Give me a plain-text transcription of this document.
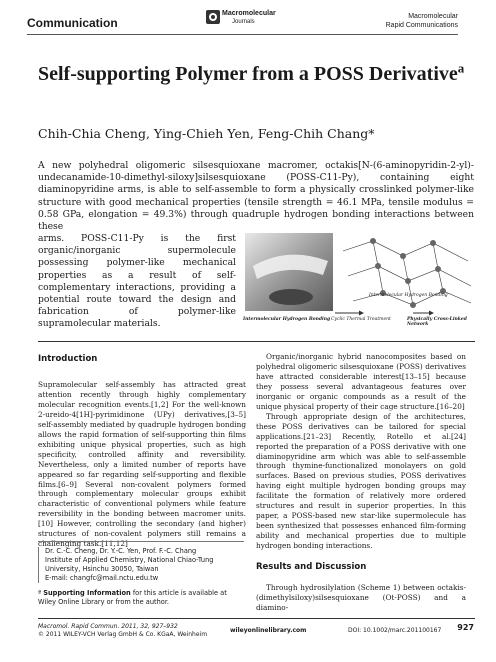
Communication
Macromolecular
Journals
Macromolecular
Rapid Communications
Self-supporting Polymer from a POSS Derivative$^a$
Chih-Chia Cheng, Ying-Chieh Yen, Feng-Chih Chang*
A new polyhedral oligomeric silsesquioxane macromer, octakis[N-(6-aminopyridin-2-yl)-undecanamide-10-dimethyl-siloxy]silsesquioxane (POSS-C11-Py), containing eight diaminopyridine arms, is able to self-assemble to form a physically crosslinked polymer-like structure with good mechanical properties (tensile strength = 46.1 MPa, tensile modulus = 0.58 GPa, elongation = 49.3%) through quadruple hydrogen bonding interactions between these
arms. POSS-C11-Py is the first organic/inorganic supermolecule possessing polymer-like mechanical properties as a result of self-complementary interactions, providing a potential route toward the design and fabrication of polymer-like supramolecular materials.
Intermolecular Hydrogen Bonding
Intermolecular Hydrogen Bonding Cyclic Thermal Treatment	Physically Cross-Linked Network
Introduction
Supramolecular self-assembly has attracted great attention recently through highly complementary molecular recognition events.[1,2] For the well-known 2-ureido-4[1H]-pyrimidinone (UPy) derivatives,[3–5] self-assembly mediated by quadruple hydrogen bonding allows the rapid formation of self-supporting thin films exhibiting unique physical properties, such as high specificity, controlled affinity and reversibility. Nevertheless, only a limited number of reports have appeared so far regarding self-supporting and flexible films.[6–9] Several non-covalent polymers formed through complementary molecular groups exhibit characteristic of conventional polymers while feature reversibility in the bonding between macromer units.[10] However, controlling the secondary (and higher) structures of non-covalent polymers still remains a challenging task.[11,12]
Dr. C.-C. Cheng, Dr. Y.-C. Yen, Prof. F.-C. Chang
Institute of Applied Chemistry, National Chiao-Tung University, Hsinchu 30050, Taiwan
E-mail: changfc@mail.nctu.edu.tw
ª Supporting Information for this article is available at Wiley Online Library or from the author.

Organic/inorganic hybrid nanocomposites based on polyhedral oligomeric silsesquioxane (POSS) derivatives have attracted considerable interest[13–15] because they possess several advantageous features over inorganic or organic compounds as a result of the unique physical property of their cage structure.[16–20]

Through appropriate design of the architectures, these POSS derivatives can be tailored for special applications.[21–23] Recently, Rotello et al.[24] reported the preparation of a POSS derivative with one diaminopyridine arm which was able to self-assemble through thymine-functionalized monolayers on gold surfaces. Based on previous studies, POSS derivatives having eight multiple hydrogen bonding groups may facilitate the formation of relatively more ordered structures and result in superior properties. In this paper, a POSS-based new star-like supermolecule has been synthesized that possesses enhanced film-forming ability and mechanical properties due to multiple hydrogen bonding interactions.

Results and Discussion

Through hydrosilylation (Scheme 1) between octakis-(dimethylsiloxy)silsesquioxane (Ot-POSS) and a diamino-

Macromol. Rapid Commun. 2011, 32, 927–932
© 2011 WILEY-VCH Verlag GmbH & Co. KGaA, Weinheim
wileyonlinelibrary.com	DOI: 10.1002/marc.201100167 927
